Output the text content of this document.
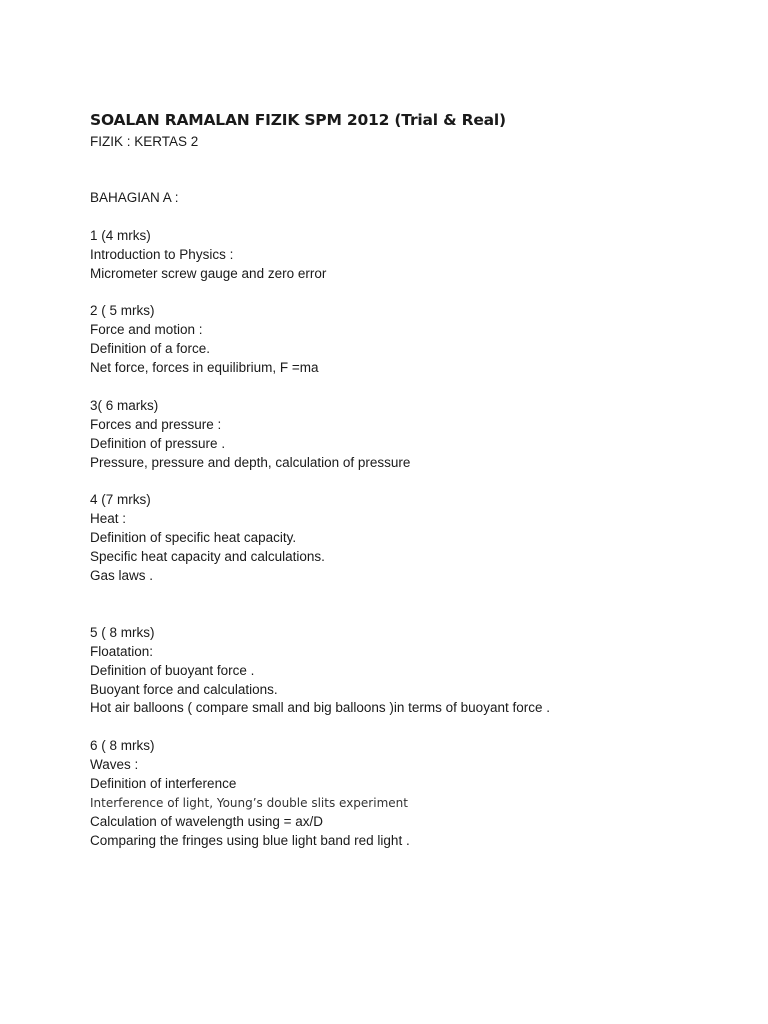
SOALAN RAMALAN FIZIK SPM 2012 (Trial & Real)
FIZIK : KERTAS 2
BAHAGIAN A :
1 (4 mrks)
Introduction to Physics :
Micrometer screw gauge and zero error
2 ( 5 mrks)
Force and motion :
Definition of a force.
Net force, forces in equilibrium, F =ma
3( 6 marks)
Forces and pressure :
Definition of pressure .
Pressure, pressure and depth, calculation of pressure
4 (7 mrks)
Heat :
Definition of specific heat capacity.
Specific heat capacity and calculations.
Gas laws .
5 ( 8 mrks)
Floatation:
Definition of buoyant force .
Buoyant force and calculations.
Hot air balloons ( compare small and big balloons )in terms of buoyant force .
6 ( 8 mrks)
Waves :
Definition of interference
Interference of light, Young’s double slits experiment
Calculation of wavelength using = ax/D
Comparing the fringes using blue light band red light .
